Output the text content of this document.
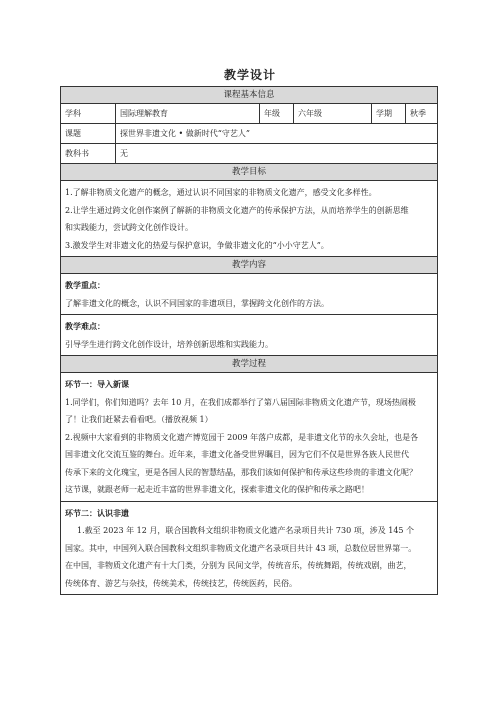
教学设计
课程基本信息
学科	国际理解教育	年级	六年级	学期	秋季
课题	探世界非遗文化 • 做新时代“守艺人”
教科书	无
教学目标
1.了解非物质文化遗产的概念，通过认识不同国家的非物质文化遗产，感受文化多样性。
2.让学生通过跨文化创作案例了解新的非物质文化遗产的传承保护方法，从而培养学生的创新思维
和实践能力，尝试跨文化创作设计。
3.激发学生对非遗文化的热爱与保护意识，争做非遗文化的“小小守艺人”。
教学内容
教学重点：
了解非遗文化的概念，认识不同国家的非遗项目，掌握跨文化创作的方法。
教学难点：
引导学生进行跨文化创作设计，培养创新思维和实践能力。
教学过程
环节一：导入新课
1.同学们，你们知道吗？去年 10 月，在我们成都举行了第八届国际非物质文化遗产节，现场热闹极
了！让我们赶紧去看看吧。（播放视频 1）
2.视频中大家看到的非物质文化遗产博览园于 2009 年落户成都，是非遗文化节的永久会址，也是各
国非遗文化交流互鉴的舞台。近年来，非遗文化备受世界瞩目，因为它们不仅是世界各族人民世代
传承下来的文化瑰宝，更是各国人民的智慧结晶，那我们该如何保护和传承这些珍贵的非遗文化呢？
这节课，就跟老师一起走近丰富的世界非遗文化，探索非遗文化的保护和传承之路吧！
环节二：认识非遗
1.截至 2023 年 12 月，联合国教科文组织非物质文化遗产名录项目共计 730 项，涉及 145 个
国家。其中，中国列入联合国教科文组织非物质文化遗产名录项目共计 43 项，总数位居世界第一。
在中国，非物质文化遗产有十大门类，分别为 民间文学，传统音乐，传统舞蹈，传统戏剧，曲艺，
传统体育、游艺与杂技，传统美术，传统技艺，传统医药，民俗。
